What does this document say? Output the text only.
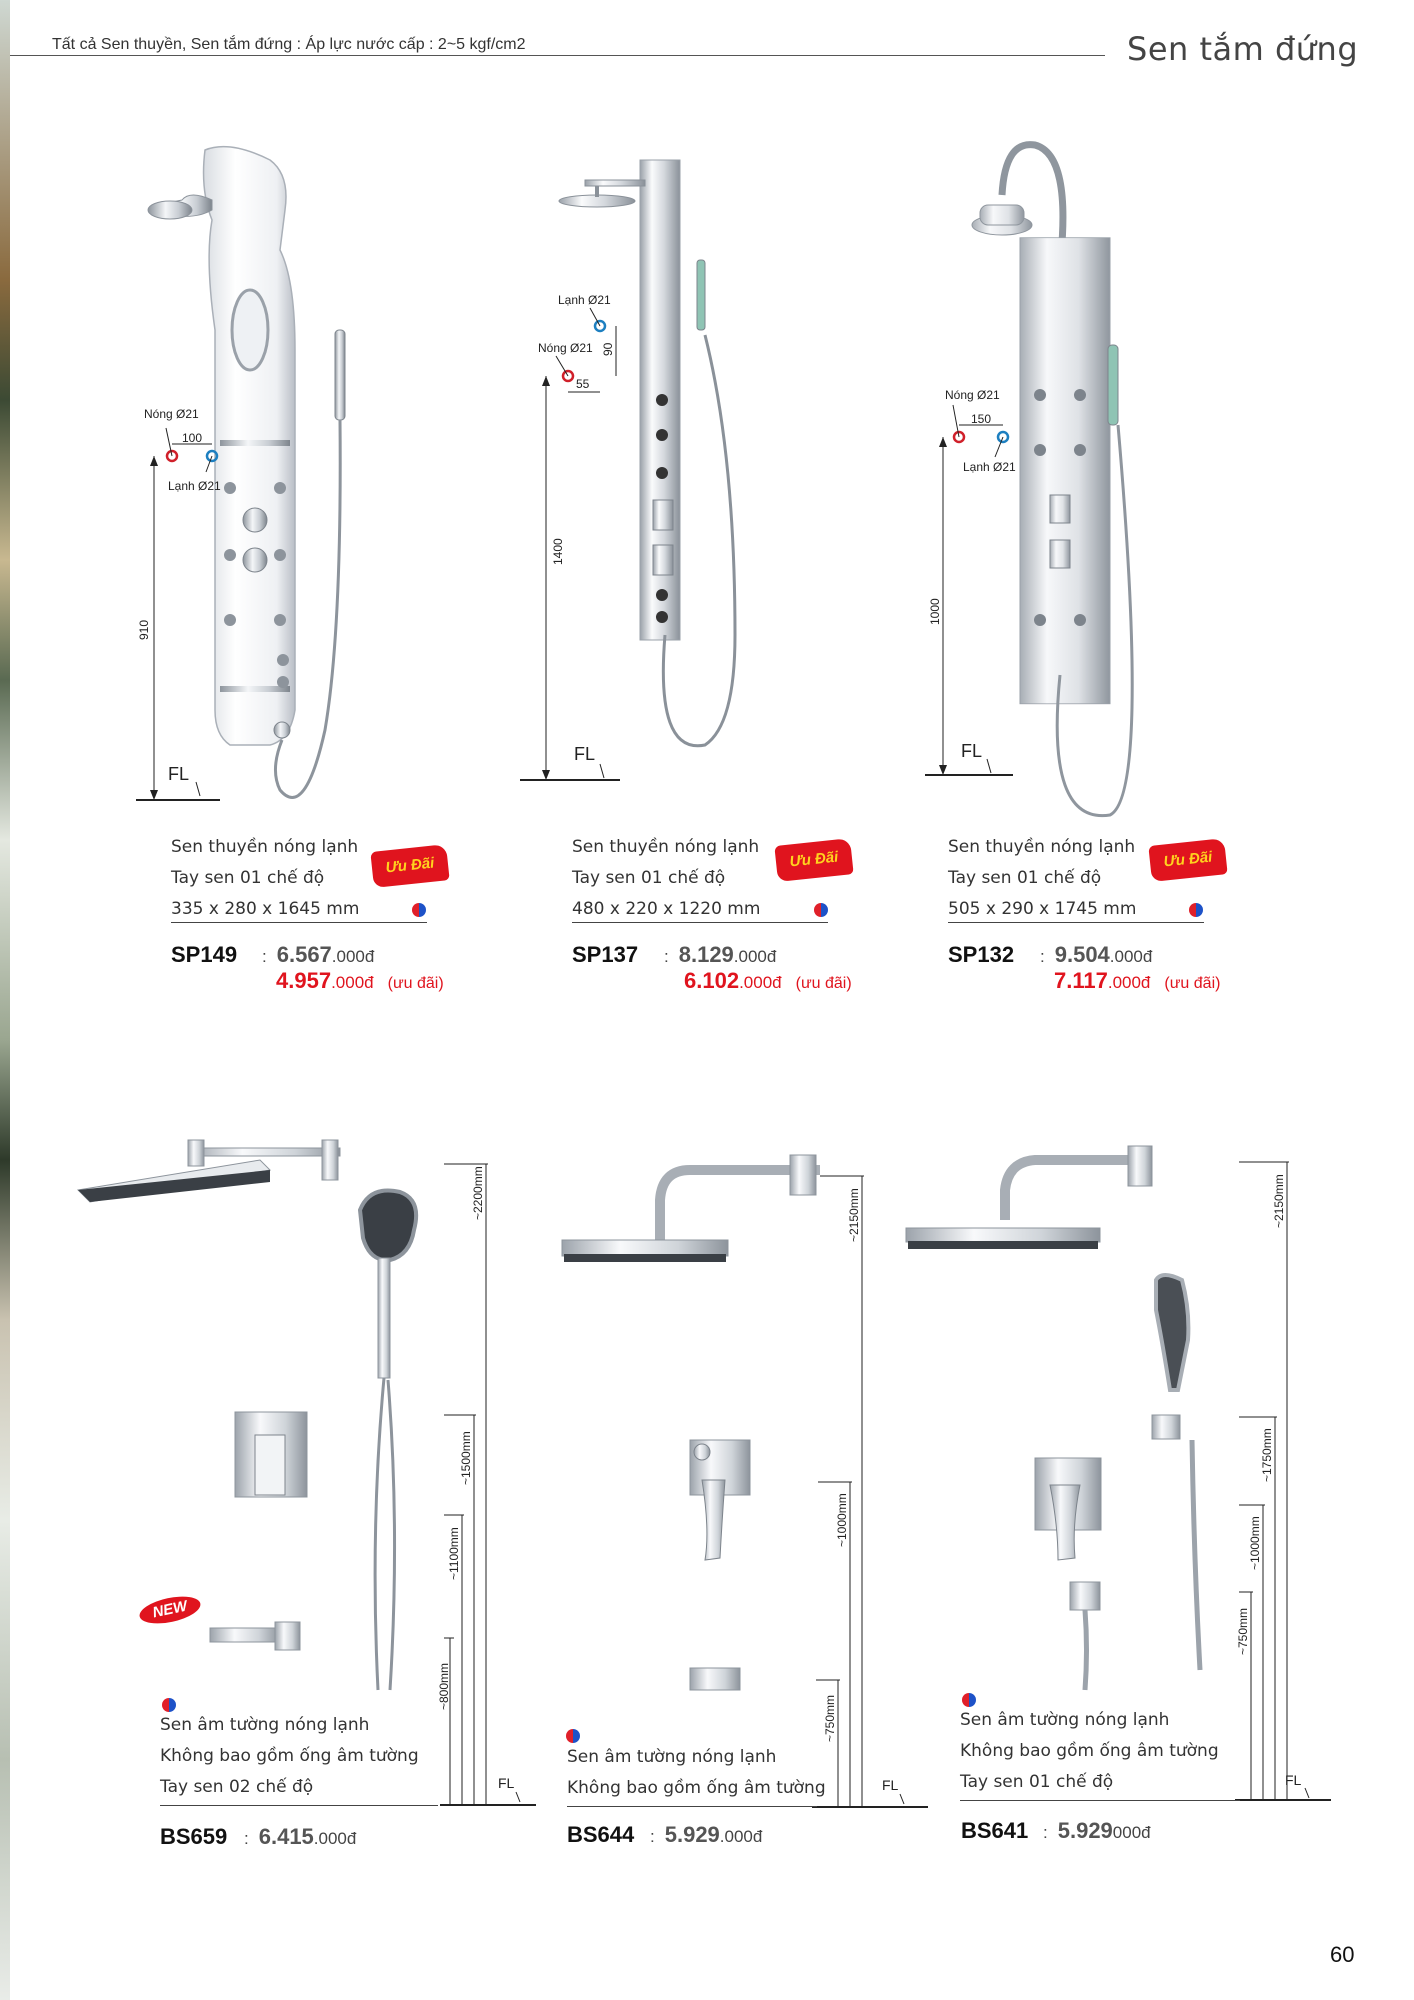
Tất cả Sen thuyền, Sen tắm đứng : Áp lực nước cấp : 2~5 kgf/cm2	Sen tắm đứng
Nóng Ø21
100
Lạnh Ø21
910
FL
Lạnh Ø21
Nóng Ø21 90
55
1400
FL
Nóng Ø21
150
Lạnh Ø21
1000
FL
Sen thuyền nóng lạnh
Tay sen 01 chế độ
335 x 280 x 1645 mm
Ưu Đãi
SP149 : 6.567.000đ
4.957.000đ (ưu đãi)
Sen thuyền nóng lạnh
Tay sen 01 chế độ
480 x 220 x 1220 mm
Ưu Đãi
SP137 : 8.129.000đ
6.102.000đ (ưu đãi)
Sen thuyền nóng lạnh
Tay sen 01 chế độ
505 x 290 x 1745 mm
Ưu Đãi
SP132 : 9.504.000đ
7.117.000đ (ưu đãi)
NEW
~2200mm
~1500mm
~1100mm
~800mm
FL
~2150mm
~1000mm
~750mm
FL
~2150mm
~1750mm
~1000mm
~750mm
FL
Sen âm tường nóng lạnh
Không bao gồm ống âm tường
Tay sen 02 chế độ
BS659 : 6.415.000đ
Sen âm tường nóng lạnh
Không bao gồm ống âm tường
BS644 : 5.929.000đ
Sen âm tường nóng lạnh
Không bao gồm ống âm tường
Tay sen 01 chế độ
BS641 : 5.929000đ
60
